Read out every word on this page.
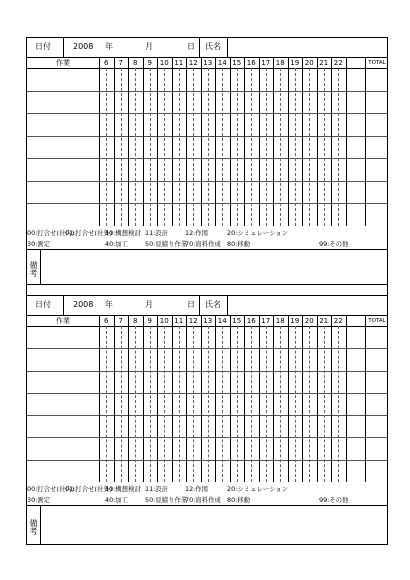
日付	2008 年	月	日 氏名
作業	6	7	8	9	10 11 12 13 14 15 16 17 18 19 20 21 22	TOTAL
00:打合せ(社内)
01:打合せ(社外)
10:構想検討 11:設計	12:作図	20:シミュレーション
30:測定	40:加工	50:見積り作業
70:資料作成 80:移動	99:その他
備考
日付	2008 年	月	日 氏名
作業	6	7	8	9	10 11 12 13 14 15 16 17 18 19 20 21 22	TOTAL
00:打合せ(社内)
01:打合せ(社外)
10:構想検討 11:設計	12:作図	20:シミュレーション
30:測定	40:加工	50:見積り作業
70:資料作成 80:移動	99:その他
備考
